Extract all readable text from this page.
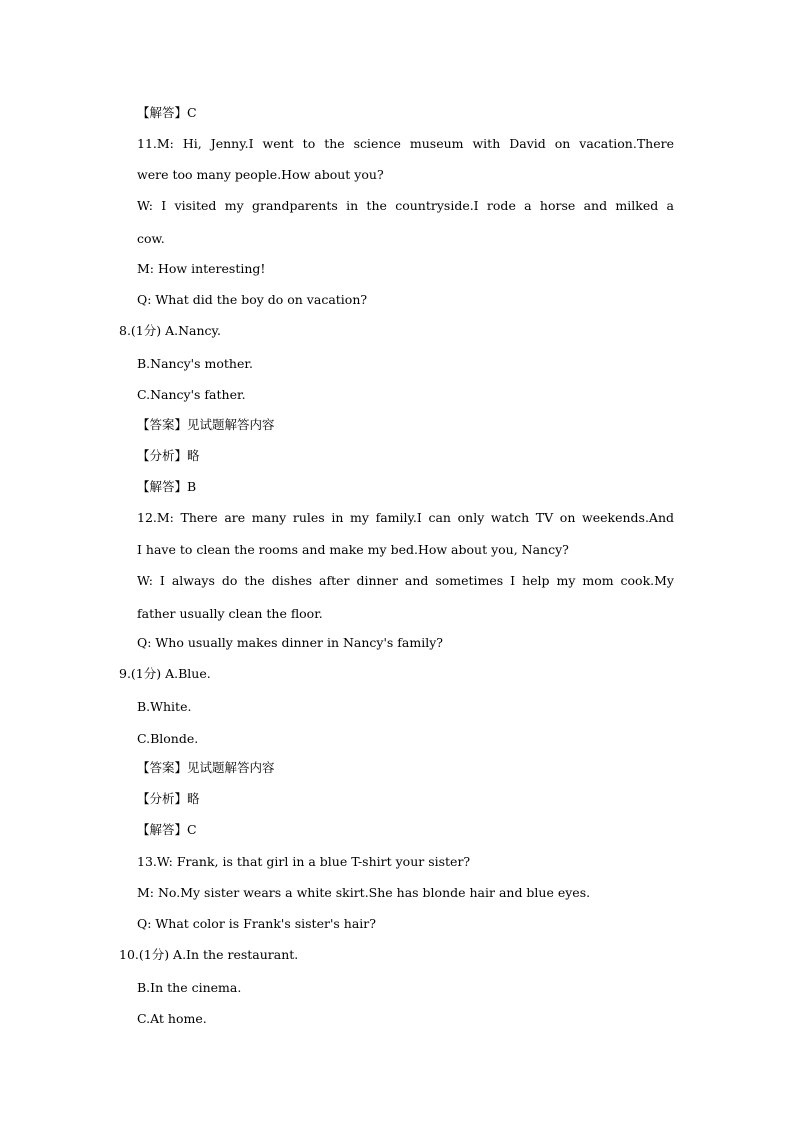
【解答】C
11.M: Hi, Jenny.I went to the science museum with David on vacation.There
were too many people.How about you?
W: I visited my grandparents in the countryside.I rode a horse and milked a
cow.
M: How interesting!
Q: What did the boy do on vacation?
8.(1分) A.Nancy.
B.Nancy's mother.
C.Nancy's father.
【答案】见试题解答内容
【分析】略
【解答】B
12.M: There are many rules in my family.I can only watch TV on weekends.And
I have to clean the rooms and make my bed.How about you, Nancy?
W: I always do the dishes after dinner and sometimes I help my mom cook.My
father usually clean the floor.
Q: Who usually makes dinner in Nancy's family?
9.(1分) A.Blue.
B.White.
C.Blonde.
【答案】见试题解答内容
【分析】略
【解答】C
13.W: Frank, is that girl in a blue T-shirt your sister?
M: No.My sister wears a white skirt.She has blonde hair and blue eyes.
Q: What color is Frank's sister's hair?
10.(1分) A.In the restaurant.
B.In the cinema.
C.At home.
